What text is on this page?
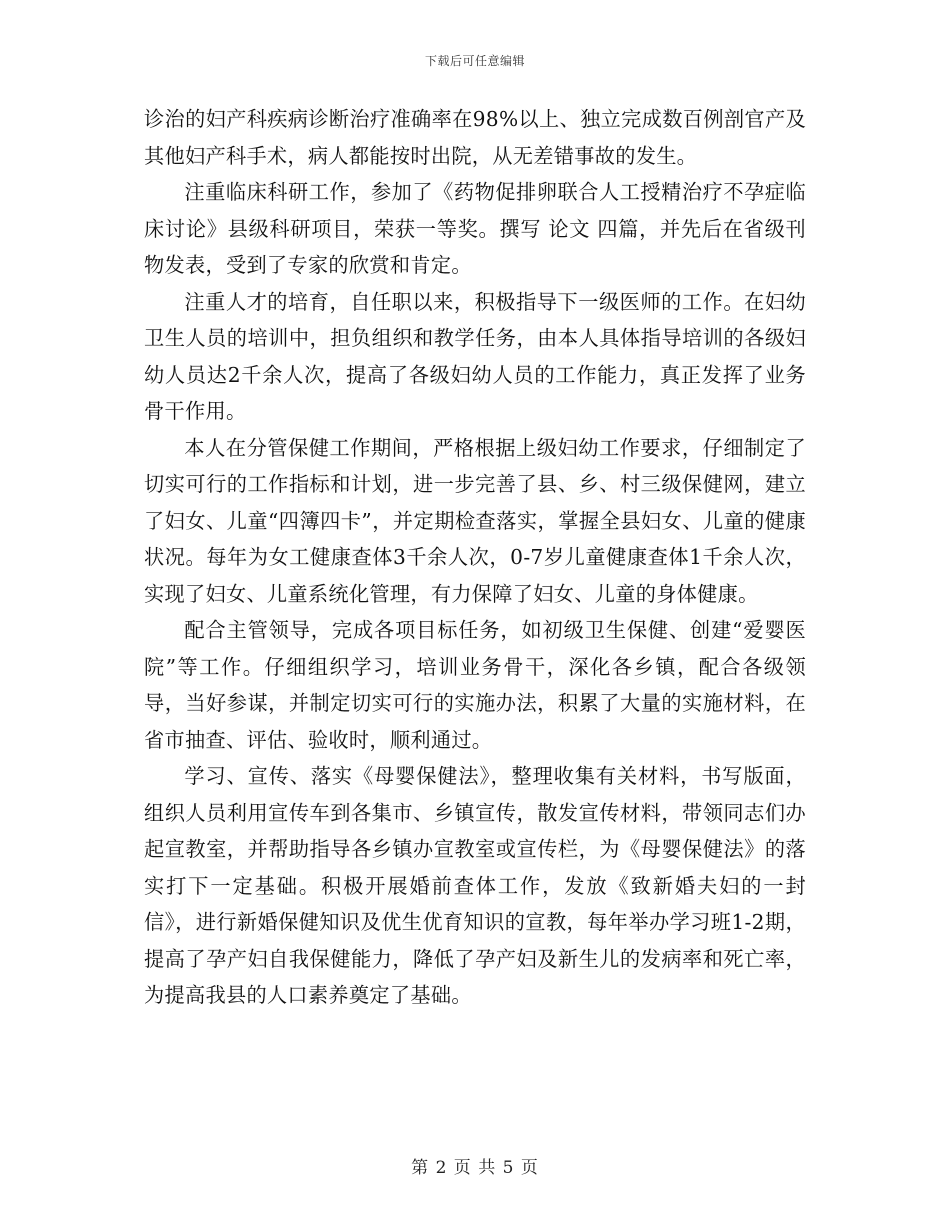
下载后可任意编辑

诊治的妇产科疾病诊断治疗准确率在98%以上、独立完成数百例剖官产及其他妇产科手术，病人都能按时出院，从无差错事故的发生。

注重临床科研工作，参加了《药物促排卵联合人工授精治疗不孕症临床讨论》县级科研项目，荣获一等奖。撰写 论文 四篇，并先后在省级刊物发表，受到了专家的欣赏和肯定。

注重人才的培育，自任职以来，积极指导下一级医师的工作。在妇幼卫生人员的培训中，担负组织和教学任务，由本人具体指导培训的各级妇幼人员达2千余人次，提高了各级妇幼人员的工作能力，真正发挥了业务骨干作用。

本人在分管保健工作期间，严格根据上级妇幼工作要求，仔细制定了切实可行的工作指标和计划，进一步完善了县、乡、村三级保健网，建立了妇女、儿童“四簿四卡”，并定期检查落实，掌握全县妇女、儿童的健康状况。每年为女工健康查体3千余人次，0-7岁儿童健康查体1千余人次，实现了妇女、儿童系统化管理，有力保障了妇女、儿童的身体健康。

配合主管领导，完成各项目标任务，如初级卫生保健、创建“爱婴医院”等工作。仔细组织学习，培训业务骨干，深化各乡镇，配合各级领导，当好参谋，并制定切实可行的实施办法，积累了大量的实施材料，在省市抽查、评估、验收时，顺利通过。

学习、宣传、落实《母婴保健法》，整理收集有关材料，书写版面，组织人员利用宣传车到各集市、乡镇宣传，散发宣传材料，带领同志们办起宣教室，并帮助指导各乡镇办宣教室或宣传栏，为《母婴保健法》的落实打下一定基础。积极开展婚前查体工作，发放《致新婚夫妇的一封信》，进行新婚保健知识及优生优育知识的宣教，每年举办学习班1-2期，提高了孕产妇自我保健能力，降低了孕产妇及新生儿的发病率和死亡率，为提高我县的人口素养奠定了基础。

第 2 页 共 5 页
